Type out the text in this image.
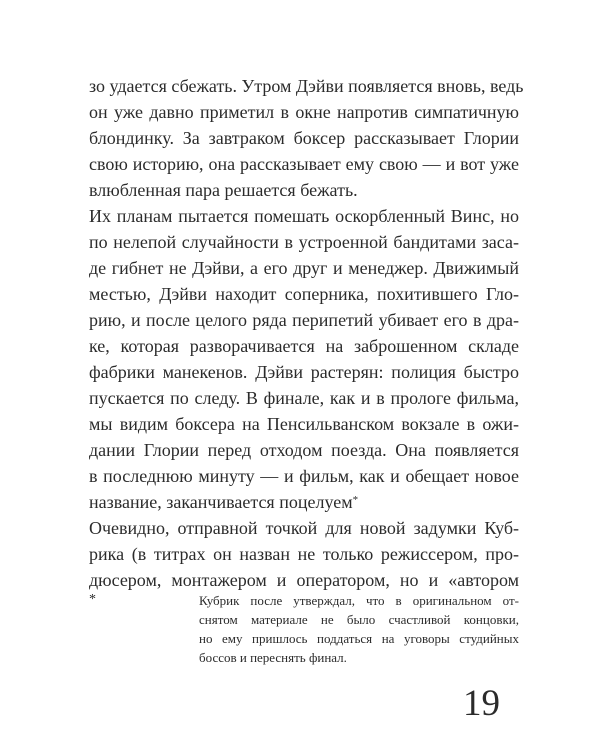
зо удается сбежать. Утром Дэйви появляется вновь, ведь
он уже давно приметил в окне напротив симпатичную
блондинку. За завтраком боксер рассказывает Глории
свою историю, она рассказывает ему свою — и вот уже
влюбленная пара решается бежать.
Их планам пытается помешать оскорбленный Винс, но
по нелепой случайности в устроенной бандитами заса-
де гибнет не Дэйви, а его друг и менеджер. Движимый
местью, Дэйви находит соперника, похитившего Гло-
рию, и после целого ряда перипетий убивает его в дра-
ке, которая разворачивается на заброшенном складе
фабрики манекенов. Дэйви растерян: полиция быстро
пускается по следу. В финале, как и в прологе фильма,
мы видим боксера на Пенсильванском вокзале в ожи-
дании Глории перед отходом поезда. Она появляется
в последнюю минуту — и фильм, как и обещает новое
название, заканчивается поцелуем*
Очевидно, отправной точкой для новой задумки Куб-
рика (в титрах он назван не только режиссером, про-
дюсером, монтажером и оператором, но и «автором
*	Кубрик после утверждал, что в оригинальном от-
снятом материале не было счастливой концовки,
но ему пришлось поддаться на уговоры студийных
боссов и переснять финал.
19
